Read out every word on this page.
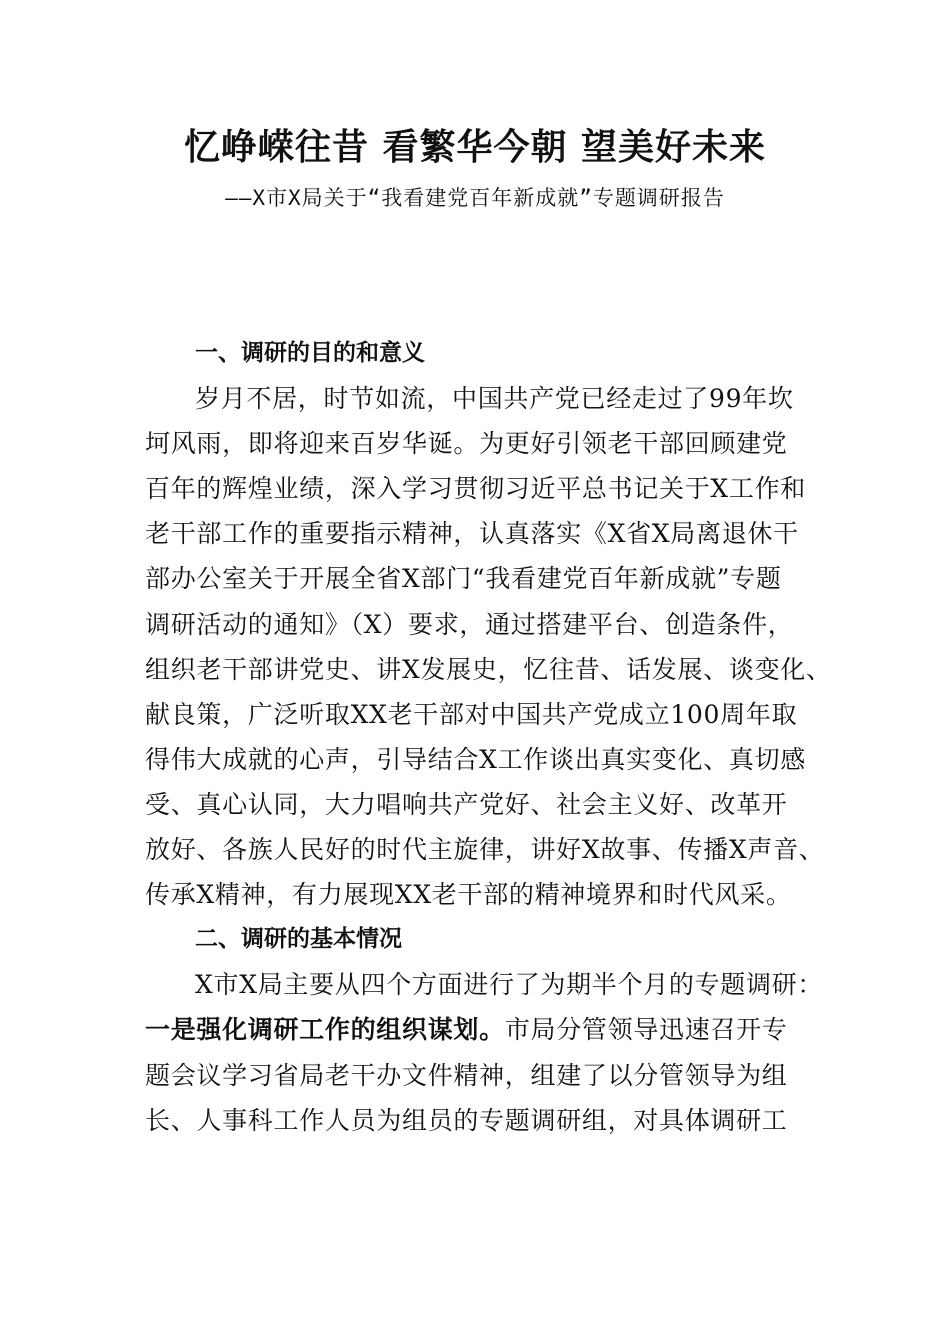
忆峥嵘往昔 看繁华今朝 望美好未来
——X市X局关于“我看建党百年新成就”专题调研报告

一、调研的目的和意义

岁月不居，时节如流，中国共产党已经走过了99年坎

坷风雨，即将迎来百岁华诞。为更好引领老干部回顾建党

百年的辉煌业绩，深入学习贯彻习近平总书记关于X工作和

老干部工作的重要指示精神，认真落实《X省X局离退休干

部办公室关于开展全省X部门“我看建党百年新成就”专题

调研活动的通知》（X）要求，通过搭建平台、创造条件，

组织老干部讲党史、讲X发展史，忆往昔、话发展、谈变化、

献良策，广泛听取XX老干部对中国共产党成立100周年取

得伟大成就的心声，引导结合X工作谈出真实变化、真切感

受、真心认同，大力唱响共产党好、社会主义好、改革开

放好、各族人民好的时代主旋律，讲好X故事、传播X声音、

传承X精神，有力展现XX老干部的精神境界和时代风采。

二、调研的基本情况

X市X局主要从四个方面进行了为期半个月的专题调研：

一是强化调研工作的组织谋划。市局分管领导迅速召开专

题会议学习省局老干办文件精神，组建了以分管领导为组

长、人事科工作人员为组员的专题调研组，对具体调研工
